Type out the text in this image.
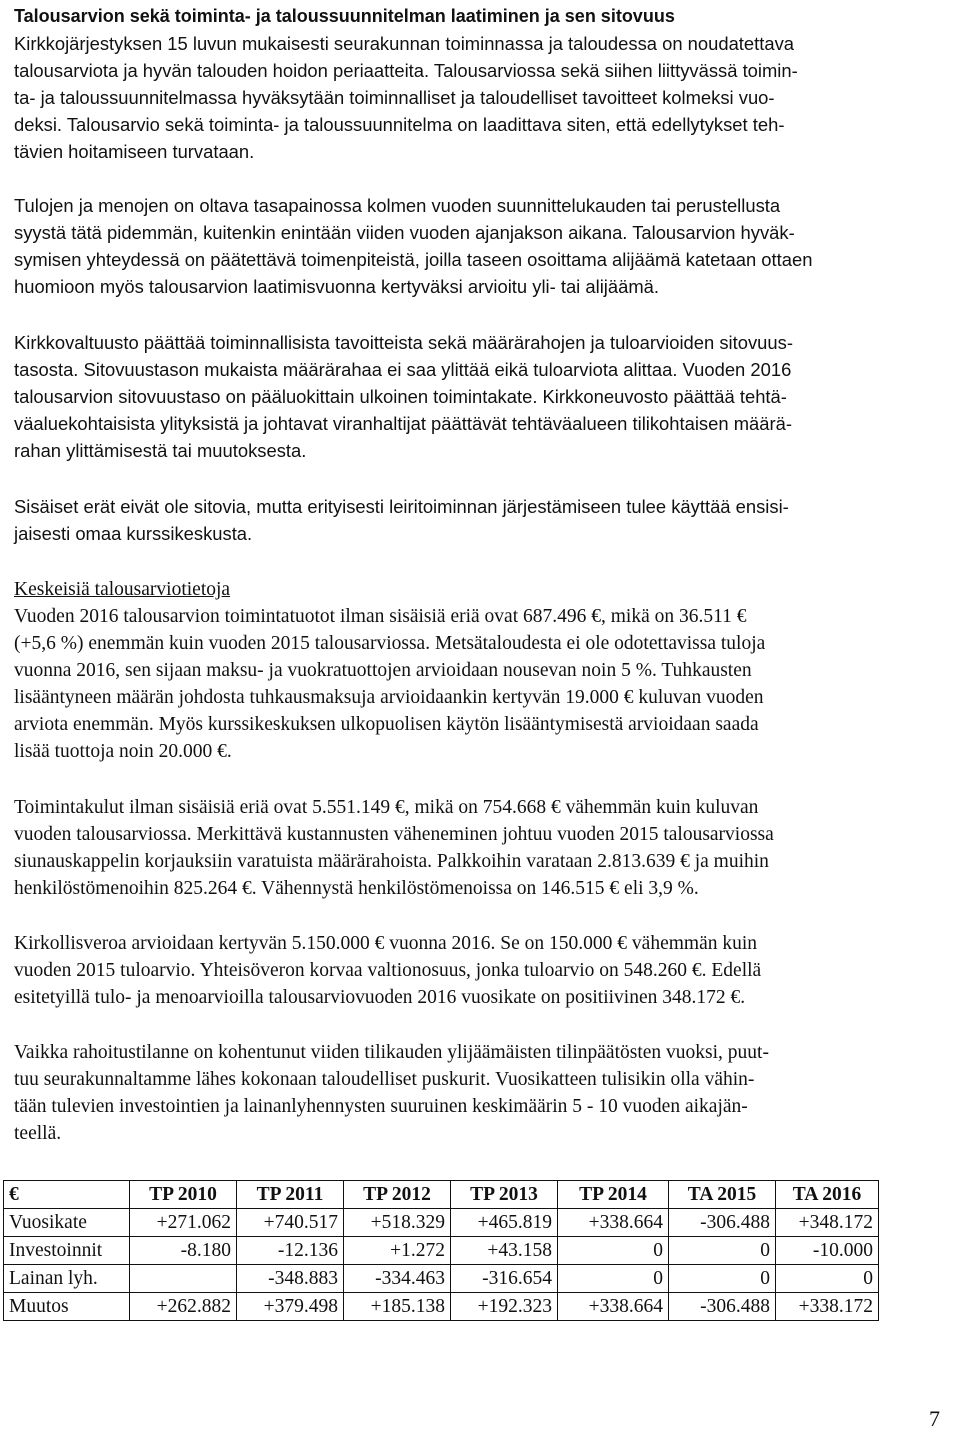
Talousarvion sekä toiminta- ja taloussuunnitelman laatiminen ja sen sitovuus
Kirkkojärjestyksen 15 luvun mukaisesti seurakunnan toiminnassa ja taloudessa on noudatettava
talousarviota ja hyvän talouden hoidon periaatteita. Talousarviossa sekä siihen liittyvässä toimin-
ta- ja taloussuunnitelmassa hyväksytään toiminnalliset ja taloudelliset tavoitteet kolmeksi vuo-
deksi. Talousarvio sekä toiminta- ja taloussuunnitelma on laadittava siten, että edellytykset teh-
tävien hoitamiseen turvataan.
Tulojen ja menojen on oltava tasapainossa kolmen vuoden suunnittelukauden tai perustellusta
syystä tätä pidemmän, kuitenkin enintään viiden vuoden ajanjakson aikana. Talousarvion hyväk-
symisen yhteydessä on päätettävä toimenpiteistä, joilla taseen osoittama alijäämä katetaan ottaen
huomioon myös talousarvion laatimisvuonna kertyväksi arvioitu yli- tai alijäämä.
Kirkkovaltuusto päättää toiminnallisista tavoitteista sekä määrärahojen ja tuloarvioiden sitovuus-
tasosta. Sitovuustason mukaista määrärahaa ei saa ylittää eikä tuloarviota alittaa. Vuoden 2016
talousarvion sitovuustaso on pääluokittain ulkoinen toimintakate. Kirkkoneuvosto päättää tehtä-
väaluekohtaisista ylityksistä ja johtavat viranhaltijat päättävät tehtäväalueen tilikohtaisen määrä-
rahan ylittämisestä tai muutoksesta.
Sisäiset erät eivät ole sitovia, mutta erityisesti leiritoiminnan järjestämiseen tulee käyttää ensisi-
jaisesti omaa kurssikeskusta.
Keskeisiä talousarviotietoja
Vuoden 2016 talousarvion toimintatuotot ilman sisäisiä eriä ovat 687.496 €, mikä on 36.511 €
(+5,6 %) enemmän kuin vuoden 2015 talousarviossa. Metsätaloudesta ei ole odotettavissa tuloja
vuonna 2016, sen sijaan maksu- ja vuokratuottojen arvioidaan nousevan noin 5 %. Tuhkausten
lisääntyneen määrän johdosta tuhkausmaksuja arvioidaankin kertyvän 19.000 € kuluvan vuoden
arviota enemmän. Myös kurssikeskuksen ulkopuolisen käytön lisääntymisestä arvioidaan saada
lisää tuottoja noin 20.000 €.
Toimintakulut ilman sisäisiä eriä ovat 5.551.149 €, mikä on 754.668 € vähemmän kuin kuluvan
vuoden talousarviossa. Merkittävä kustannusten väheneminen johtuu vuoden 2015 talousarviossa
siunauskappelin korjauksiin varatuista määrärahoista. Palkkoihin varataan 2.813.639 € ja muihin
henkilöstömenoihin 825.264 €. Vähennystä henkilöstömenoissa on 146.515 € eli 3,9 %.
Kirkollisveroa arvioidaan kertyvän 5.150.000 € vuonna 2016. Se on 150.000 € vähemmän kuin
vuoden 2015 tuloarvio. Yhteisöveron korvaa valtionosuus, jonka tuloarvio on 548.260 €. Edellä
esitetyillä tulo- ja menoarvioilla talousarviovuoden 2016 vuosikate on positiivinen 348.172 €.
Vaikka rahoitustilanne on kohentunut viiden tilikauden ylijäämäisten tilinpäätösten vuoksi, puut-
tuu seurakunnaltamme lähes kokonaan taloudelliset puskurit. Vuosikatteen tulisikin olla vähin-
tään tulevien investointien ja lainanlyhennysten suuruinen keskimäärin 5 - 10 vuoden aikajän-
teellä.
€	TP 2010	TP 2011	TP 2012	TP 2013	TP 2014	TA 2015	TA 2016
Vuosikate	+271.062	+740.517	+518.329	+465.819	+338.664	-306.488	+348.172
Investoinnit	-8.180	-12.136	+1.272	+43.158	0	0	-10.000
Lainan lyh.		-348.883	-334.463	-316.654	0	0	0
Muutos	+262.882	+379.498	+185.138	+192.323	+338.664	-306.488	+338.172
7
